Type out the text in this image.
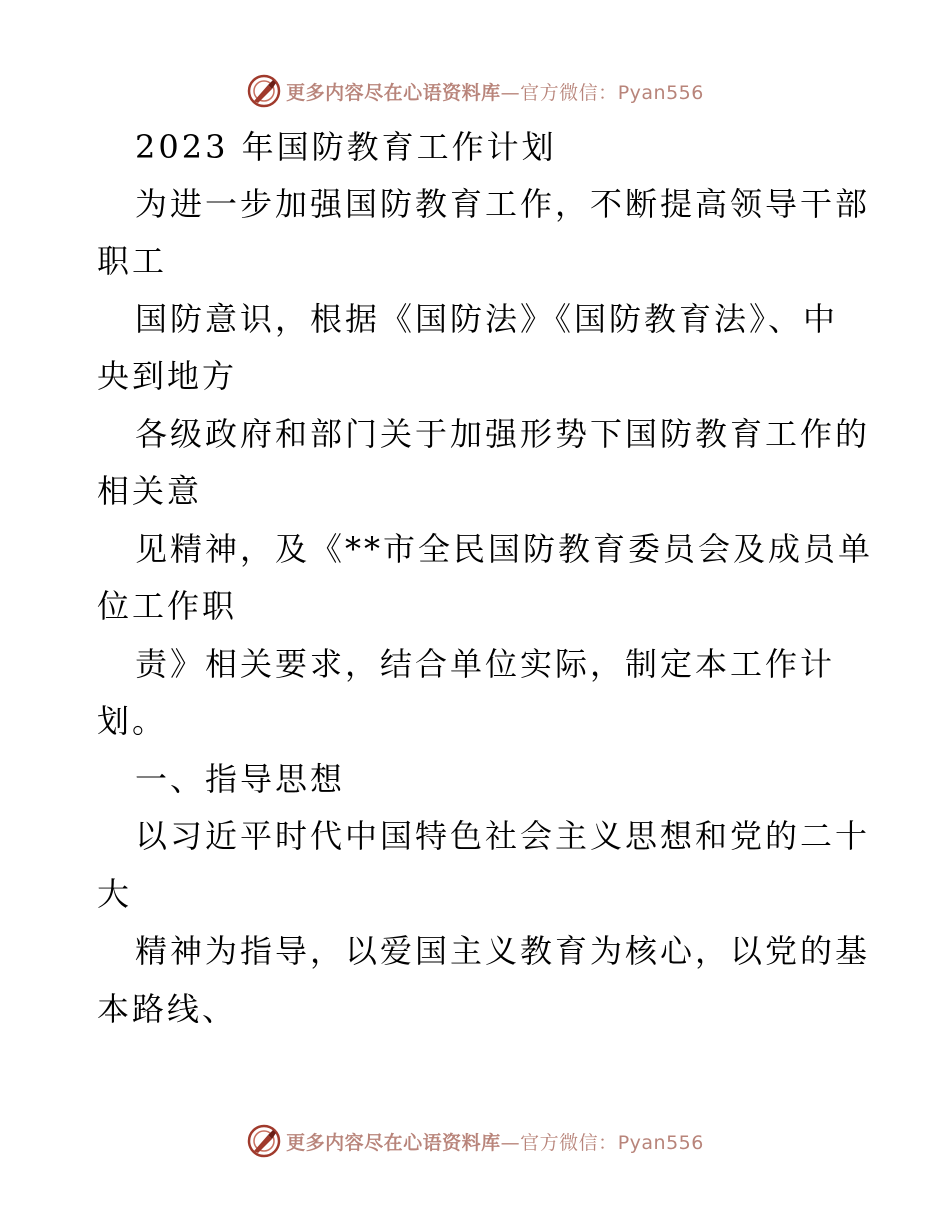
更多内容尽在心语资料库—官方微信：Pyan556
2023 年国防教育工作计划
为进一步加强国防教育工作，不断提高领导干部
职工
国防意识，根据《国防法》《国防教育法》、中
央到地方
各级政府和部门关于加强形势下国防教育工作的
相关意
见精神，及《**市全民国防教育委员会及成员单
位工作职
责》相关要求，结合单位实际，制定本工作计
划。
一、指导思想
以习近平时代中国特色社会主义思想和党的二十
大
精神为指导，以爱国主义教育为核心，以党的基
本路线、
更多内容尽在心语资料库—官方微信：Pyan556
